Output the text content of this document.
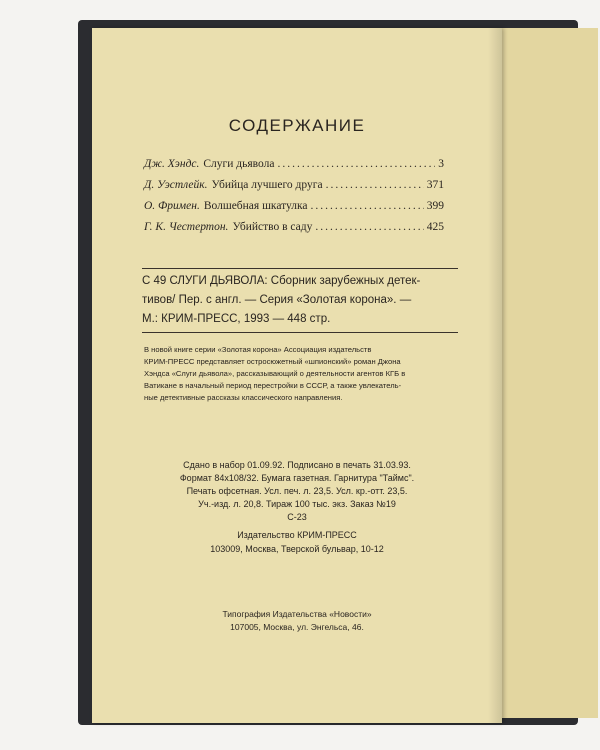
СОДЕРЖАНИЕ
Дж. Хэндс. Слуги дьявола .....	3
Д. Уэстлейк. Убийца лучшего друга .....	371
О. Фримен. Волшебная шкатулка .....	399
Г. К. Честертон. Убийство в саду .....	425
С 49 СЛУГИ ДЬЯВОЛА: Сборник зарубежных детек-
тивов/ Пер. с англ. — Серия «Золотая корона». —
М.: КРИМ-ПРЕСС, 1993 — 448 стр.
В новой книге серии «Золотая корона» Ассоциация издательств
КРИМ-ПРЕСС представляет остросюжетный «шпионский» роман Джона
Хэндса «Слуги дьявола», рассказывающий о деятельности агентов КГБ в
Ватикане в начальный период перестройки в СССР, а также увлекатель-
ные детективные рассказы классического направления.
Сдано в набор 01.09.92. Подписано в печать 31.03.93.
Формат 84х108/32. Бумага газетная. Гарнитура "Таймс".
Печать офсетная. Усл. печ. л. 23,5. Усл. кр.-отт. 23,5.
Уч.-изд. л. 20,8. Тираж 100 тыс. экз. Заказ №19
С-23
Издательство КРИМ-ПРЕСС
103009, Москва, Тверской бульвар, 10-12
Типография Издательства «Новости»
107005, Москва, ул. Энгельса, 46.
